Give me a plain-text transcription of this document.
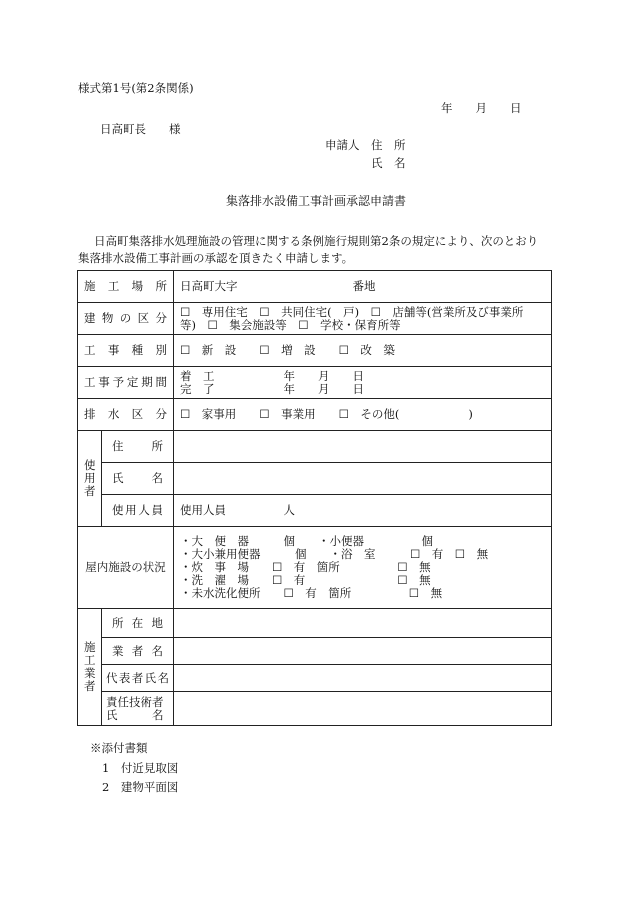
様式第1号(第2条関係)
年　　月　　日
日高町長　　様
申請人　住　所
氏　名
集落排水設備工事計画承認申請書
日高町集落排水処理施設の管理に関する条例施行規則第2条の規定により、次のとおり
集落排水設備工事計画の承認を頂きたく申請します。
施工場所		日高町大字　　　　　　　　　　番地
建物の区分		☐　専用住宅　☐　共同住宅(　戸)　☐　店舗等(営業所及び事業所
等)　☐　集会施設等　☐　学校・保育所等

工事種別		☐　新　設　　☐　増　設　　☐　改　築
工事予定期間		着　工　　　　　　年　　月　　日
完　了　　　　　　年　　月　　日

排水区分		☐　家事用　　☐　事業用　　☐　その他(　　　　　　)

使
用
者	住所	
	氏名	
	使用人員	使用人員　　　　　人
屋内施設の状況		・大　便　器　　　個　　・小便器　　　　　個
・大小兼用便器　　　個　　・浴　室　　　☐　有　☐　無
・炊　事　場　　☐　有　箇所　　　　　☐　無
・洗　濯　場　　☐　有　　　　　　　　☐　無
・未水洗化便所　　☐　有　箇所　　　　　☐　無

施
工
業
者	所在地	
	業者名	
	代表者氏名	

	責任技術者
氏　　　名	

※添付書類
1　付近見取図
2　建物平面図
